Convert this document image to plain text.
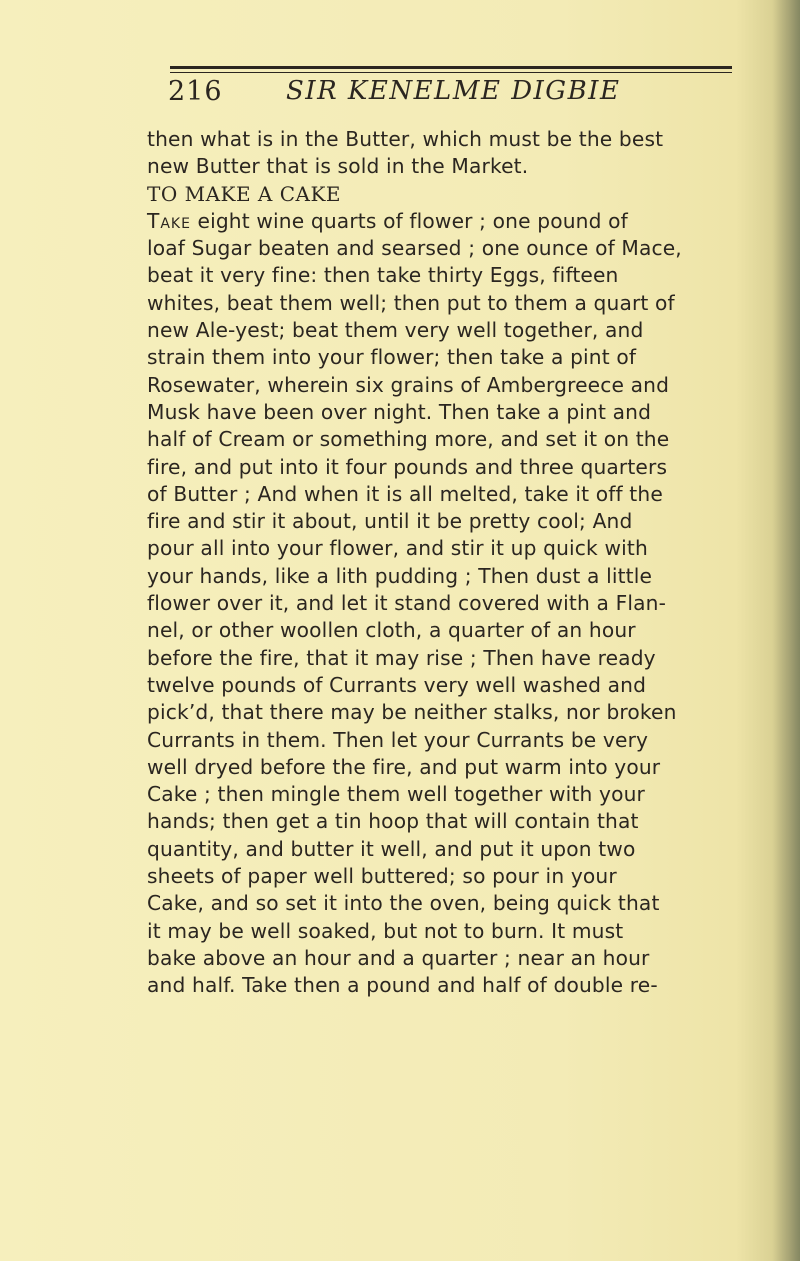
216 SIR KENELME DIGBIE
then what is in the Butter, which must be the best
new Butter that is sold in the Market.
TO MAKE A CAKE
Take eight wine quarts of flower ; one pound of
loaf Sugar beaten and searsed ; one ounce of Mace,
beat it very fine: then take thirty Eggs, fifteen
whites, beat them well; then put to them a quart of
new Ale-yest; beat them very well together, and
strain them into your flower; then take a pint of
Rosewater, wherein six grains of Ambergreece and
Musk have been over night. Then take a pint and
half of Cream or something more, and set it on the
fire, and put into it four pounds and three quarters
of Butter ; And when it is all melted, take it off the
fire and stir it about, until it be pretty cool; And
pour all into your flower, and stir it up quick with
your hands, like a lith pudding ; Then dust a little
flower over it, and let it stand covered with a Flan-
nel, or other woollen cloth, a quarter of an hour
before the fire, that it may rise ; Then have ready
twelve pounds of Currants very well washed and
pick’d, that there may be neither stalks, nor broken
Currants in them. Then let your Currants be very
well dryed before the fire, and put warm into your
Cake ; then mingle them well together with your
hands; then get a tin hoop that will contain that
quantity, and butter it well, and put it upon two
sheets of paper well buttered; so pour in your
Cake, and so set it into the oven, being quick that
it may be well soaked, but not to burn. It must
bake above an hour and a quarter ; near an hour
and half. Take then a pound and half of double re-
